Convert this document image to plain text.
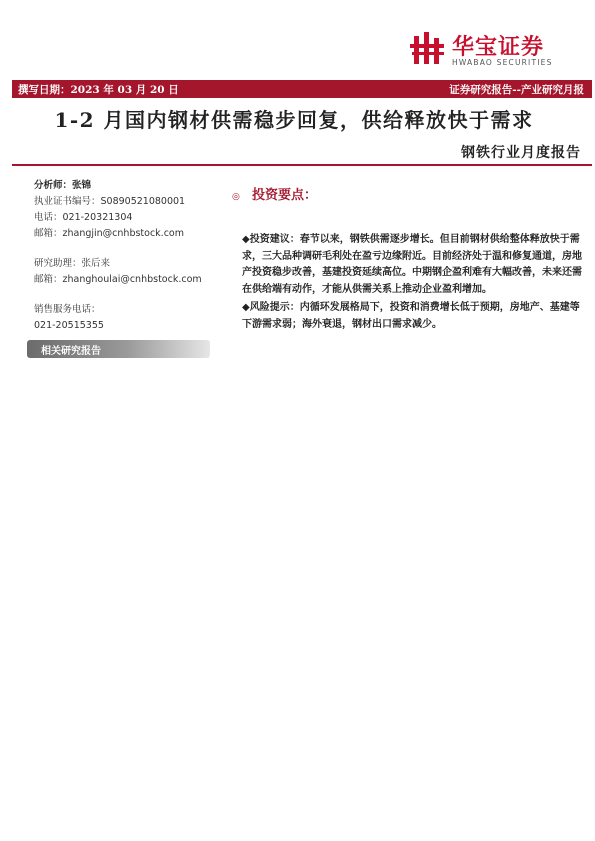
华宝证券
HWABAO SECURITIES
撰写日期：2023 年 03 月 20 日	证券研究报告--产业研究月报
1-2 月国内钢材供需稳步回复，供给释放快于需求
钢铁行业月度报告
分析师：张锦
执业证书编号：S0890521080001
电话：021-20321304
邮箱：zhangjin@cnhbstock.com
研究助理：张后来
邮箱：zhanghoulai@cnhbstock.com
销售服务电话：
021-20515355
相关研究报告
◎ 投资要点：
◆投资建议：春节以来，钢铁供需逐步增长。但目前钢材供给整体释放快于需求，三大品种调研毛利处在盈亏边缘附近。目前经济处于温和修复通道，房地产投资稳步改善，基建投资延续高位。中期钢企盈利难有大幅改善，未来还需在供给端有动作，才能从供需关系上推动企业盈利增加。
◆风险提示：内循环发展格局下，投资和消费增长低于预期，房地产、基建等下游需求弱；海外衰退，钢材出口需求减少。
